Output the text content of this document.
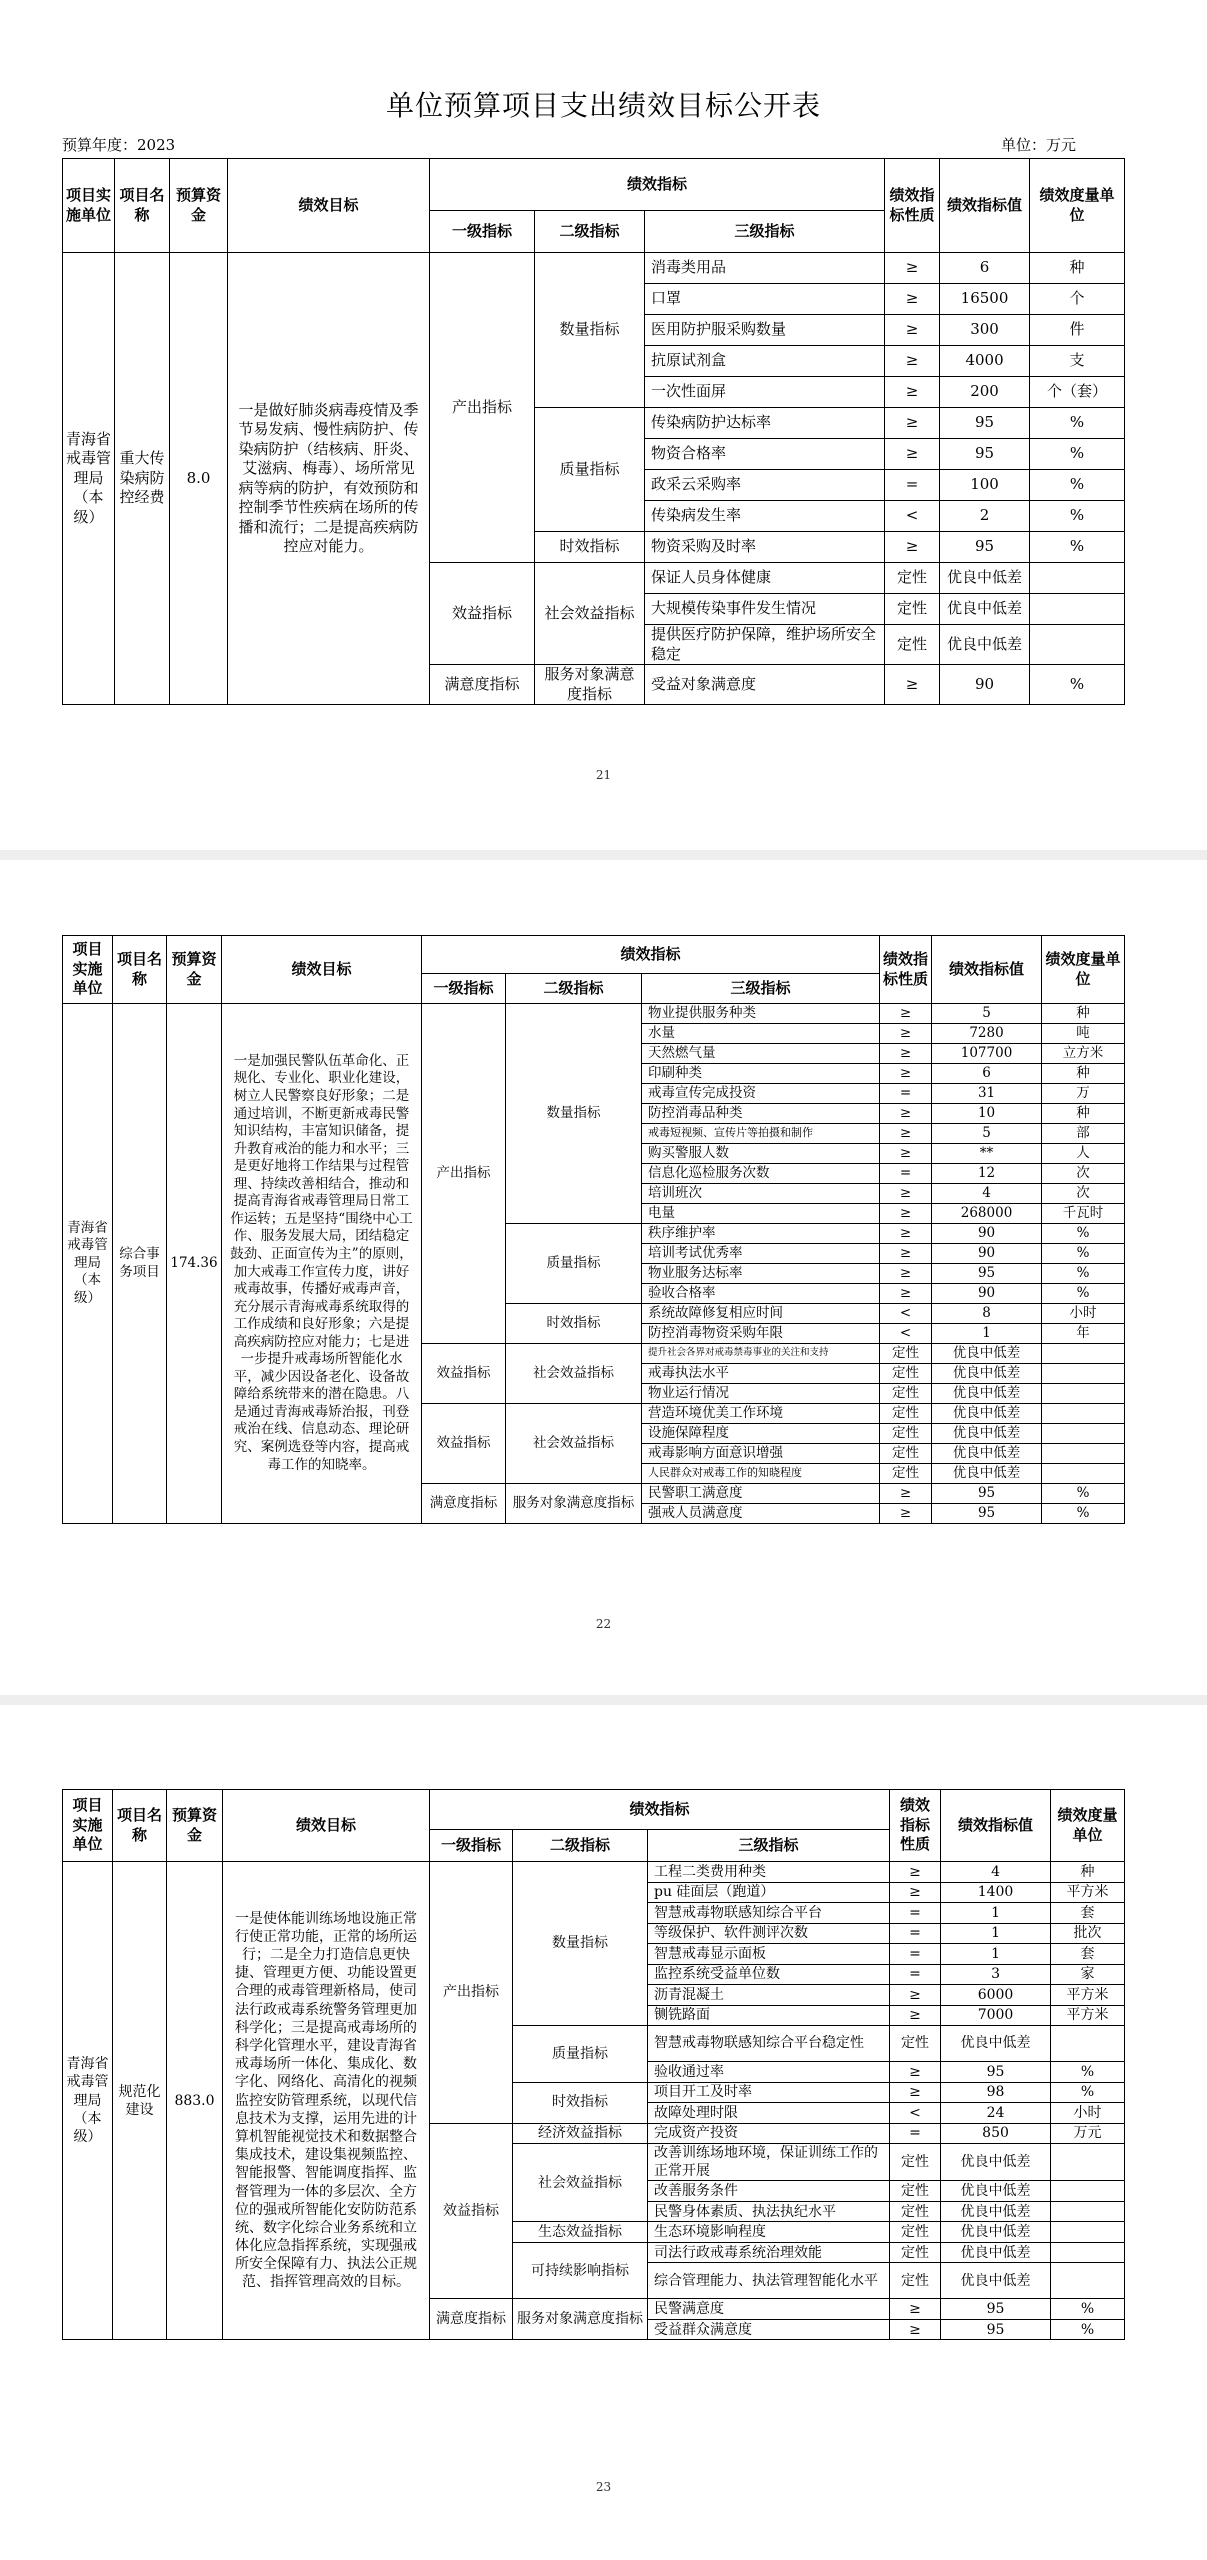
单位预算项目支出绩效目标公开表
预算年度：2023	单位：万元
项目实施单位	项目名称	预算资金	绩效目标	绩效指标			绩效指标性质	绩效指标值	绩效度量单位
				一级指标	二级指标	三级指标			
青海省戒毒管理局（本级）	重大传染病防控经费	8.0	一是做好肺炎病毒疫情及季节易发病、慢性病防护、传染病防护（结核病、肝炎、艾滋病、梅毒）、场所常见病等病的防护，有效预防和控制季节性疾病在场所的传播和流行；二是提高疾病防控应对能力。	产出指标	数量指标	消毒类用品	≥	6	种
						口罩	≥	16500	个
						医用防护服采购数量	≥	300	件
						抗原试剂盒	≥	4000	支
						一次性面屏	≥	200	个（套）
					质量指标	传染病防护达标率	≥	95	%
						物资合格率	≥	95	%
						政采云采购率	=	100	%
						传染病发生率	<	2	%
					时效指标	物资采购及时率	≥	95	%
				效益指标	社会效益指标	保证人员身体健康	定性	优良中低差	
						大规模传染事件发生情况	定性	优良中低差	
						提供医疗防护保障，维护场所安全稳定	定性	优良中低差	
				满意度指标	服务对象满意度指标	受益对象满意度	≥	90	%
21
项目实施单位	项目名称	预算资金	绩效目标	绩效指标			绩效指标性质	绩效指标值	绩效度量单位
				一级指标	二级指标	三级指标			
青海省戒毒管理局（本级）	综合事务项目	174.36	一是加强民警队伍革命化、正规化、专业化、职业化建设，树立人民警察良好形象；二是通过培训，不断更新戒毒民警知识结构，丰富知识储备，提升教育戒治的能力和水平；三是更好地将工作结果与过程管理、持续改善相结合，推动和提高青海省戒毒管理局日常工作运转；五是坚持“围绕中心工作、服务发展大局，团结稳定鼓劲、正面宣传为主”的原则，加大戒毒工作宣传力度，讲好戒毒故事，传播好戒毒声音，充分展示青海戒毒系统取得的工作成绩和良好形象；六是提高疾病防控应对能力；七是进一步提升戒毒场所智能化水平，减少因设备老化、设备故障给系统带来的潜在隐患。八是通过青海戒毒矫治报，刊登戒治在线、信息动态、理论研究、案例选登等内容，提高戒毒工作的知晓率。	产出指标	数量指标	物业提供服务种类	≥	5	种
						水量	≥	7280	吨
						天然燃气量	≥	107700	立方米
						印刷种类	≥	6	种
						戒毒宣传完成投资	=	31	万
						防控消毒品种类	≥	10	种
						戒毒短视频、宣传片等拍摄和制作	≥	5	部
						购买警服人数	≥	**	人
						信息化巡检服务次数	=	12	次
						培训班次	≥	4	次
						电量	≥	268000	千瓦时
					质量指标	秩序维护率	≥	90	%
						培训考试优秀率	≥	90	%
						物业服务达标率	≥	95	%
						验收合格率	≥	90	%
					时效指标	系统故障修复相应时间	<	8	小时
						防控消毒物资采购年限	<	1	年
				效益指标	社会效益指标	提升社会各界对戒毒禁毒事业的关注和支持	定性	优良中低差	
						戒毒执法水平	定性	优良中低差	
						物业运行情况	定性	优良中低差	
				效益指标	社会效益指标	营造环境优美工作环境	定性	优良中低差	
						设施保障程度	定性	优良中低差	
						戒毒影响方面意识增强	定性	优良中低差	
						人民群众对戒毒工作的知晓程度	定性	优良中低差	
				满意度指标	服务对象满意度指标	民警职工满意度	≥	95	%
						强戒人员满意度	≥	95	%
22
项目实施单位	项目名称	预算资金	绩效目标	绩效指标			绩效指标性质	绩效指标值	绩效度量单位
				一级指标	二级指标	三级指标			
青海省戒毒管理局（本级）	规范化建设	883.0	一是使体能训练场地设施正常行使正常功能，正常的场所运行；二是全力打造信息更快捷、管理更方便、功能设置更合理的戒毒管理新格局，使司法行政戒毒系统警务管理更加科学化；三是提高戒毒场所的科学化管理水平，建设青海省戒毒场所一体化、集成化、数字化、网络化、高清化的视频监控安防管理系统，以现代信息技术为支撑，运用先进的计算机智能视觉技术和数据整合集成技术，建设集视频监控、智能报警、智能调度指挥、监督管理为一体的多层次、全方位的强戒所智能化安防防范系统、数字化综合业务系统和立体化应急指挥系统，实现强戒所安全保障有力、执法公正规范、指挥管理高效的目标。	产出指标	数量指标	工程二类费用种类	≥	4	种
						pu 硅面层（跑道）	≥	1400	平方米
						智慧戒毒物联感知综合平台	=	1	套
						等级保护、软件测评次数	=	1	批次
						智慧戒毒显示面板	=	1	套
						监控系统受益单位数	=	3	家
						沥青混凝土	≥	6000	平方米
						铡铣路面	≥	7000	平方米
					质量指标	智慧戒毒物联感知综合平台稳定性	定性	优良中低差	
						验收通过率	≥	95	%
					时效指标	项目开工及时率	≥	98	%
						故障处理时限	<	24	小时
				效益指标	经济效益指标	完成资产投资	=	850	万元
					社会效益指标	改善训练场地环境，保证训练工作的正常开展	定性	优良中低差	
						改善服务条件	定性	优良中低差	
						民警身体素质、执法执纪水平	定性	优良中低差	
					生态效益指标	生态环境影响程度	定性	优良中低差	
					可持续影响指标	司法行政戒毒系统治理效能	定性	优良中低差	
						综合管理能力、执法管理智能化水平	定性	优良中低差	
				满意度指标	服务对象满意度指标	民警满意度	≥	95	%
						受益群众满意度	≥	95	%
23
